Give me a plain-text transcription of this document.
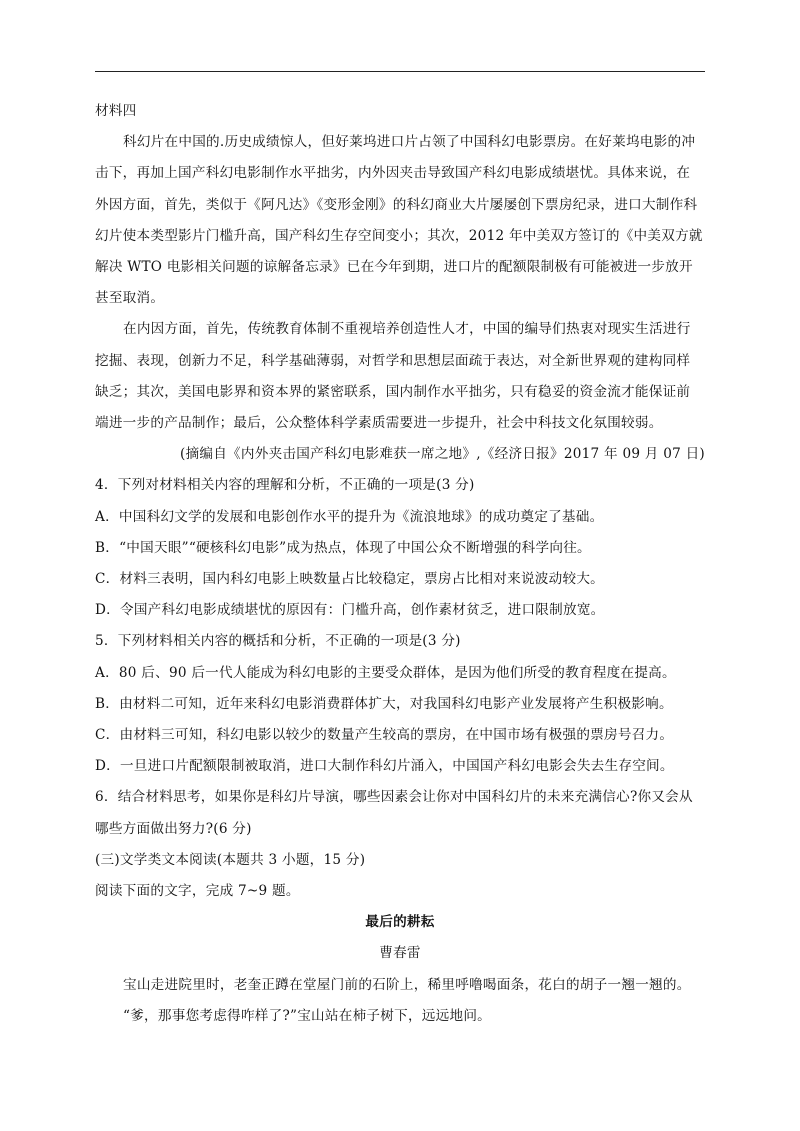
材料四

科幻片在中国的.历史成绩惊人，但好莱坞进口片占领了中国科幻电影票房。在好莱坞电影的冲

击下，再加上国产科幻电影制作水平拙劣，内外因夹击导致国产科幻电影成绩堪忧。具体来说，在

外因方面，首先，类似于《阿凡达》《变形金刚》的科幻商业大片屡屡创下票房纪录，进口大制作科

幻片使本类型影片门槛升高，国产科幻生存空间变小；其次，2012 年中美双方签订的《中美双方就

解决 WTO 电影相关问题的谅解备忘录》已在今年到期，进口片的配额限制极有可能被进一步放开

甚至取消。

在内因方面，首先，传统教育体制不重视培养创造性人才，中国的编导们热衷对现实生活进行

挖掘、表现，创新力不足，科学基础薄弱，对哲学和思想层面疏于表达，对全新世界观的建构同样

缺乏；其次，美国电影界和资本界的紧密联系，国内制作水平拙劣，只有稳妥的资金流才能保证前

端进一步的产品制作；最后，公众整体科学素质需要进一步提升，社会中科技文化氛围较弱。

(摘编自《内外夹击国产科幻电影难获一席之地》,《经济日报》2017 年 09 月 07 日)

4．下列对材料相关内容的理解和分析，不正确的一项是(3 分)

A．中国科幻文学的发展和电影创作水平的提升为《流浪地球》的成功奠定了基础。

B．“中国天眼”“硬核科幻电影”成为热点，体现了中国公众不断增强的科学向往。

C．材料三表明，国内科幻电影上映数量占比较稳定，票房占比相对来说波动较大。

D．令国产科幻电影成绩堪忧的原因有：门槛升高，创作素材贫乏，进口限制放宽。

5．下列材料相关内容的概括和分析，不正确的一项是(3 分)

A．80 后、90 后一代人能成为科幻电影的主要受众群体，是因为他们所受的教育程度在提高。

B．由材料二可知，近年来科幻电影消费群体扩大，对我国科幻电影产业发展将产生积极影响。

C．由材料三可知，科幻电影以较少的数量产生较高的票房，在中国市场有极强的票房号召力。

D．一旦进口片配额限制被取消，进口大制作科幻片涌入，中国国产科幻电影会失去生存空间。

6．结合材料思考，如果你是科幻片导演，哪些因素会让你对中国科幻片的未来充满信心?你又会从

哪些方面做出努力?(6 分)

(三)文学类文本阅读(本题共 3 小题，15 分)

阅读下面的文字，完成 7~9 题。

最后的耕耘

曹春雷

宝山走进院里时，老奎正蹲在堂屋门前的石阶上，稀里呼噜喝面条，花白的胡子一翘一翘的。

“爹，那事您考虑得咋样了?”宝山站在柿子树下，远远地问。
